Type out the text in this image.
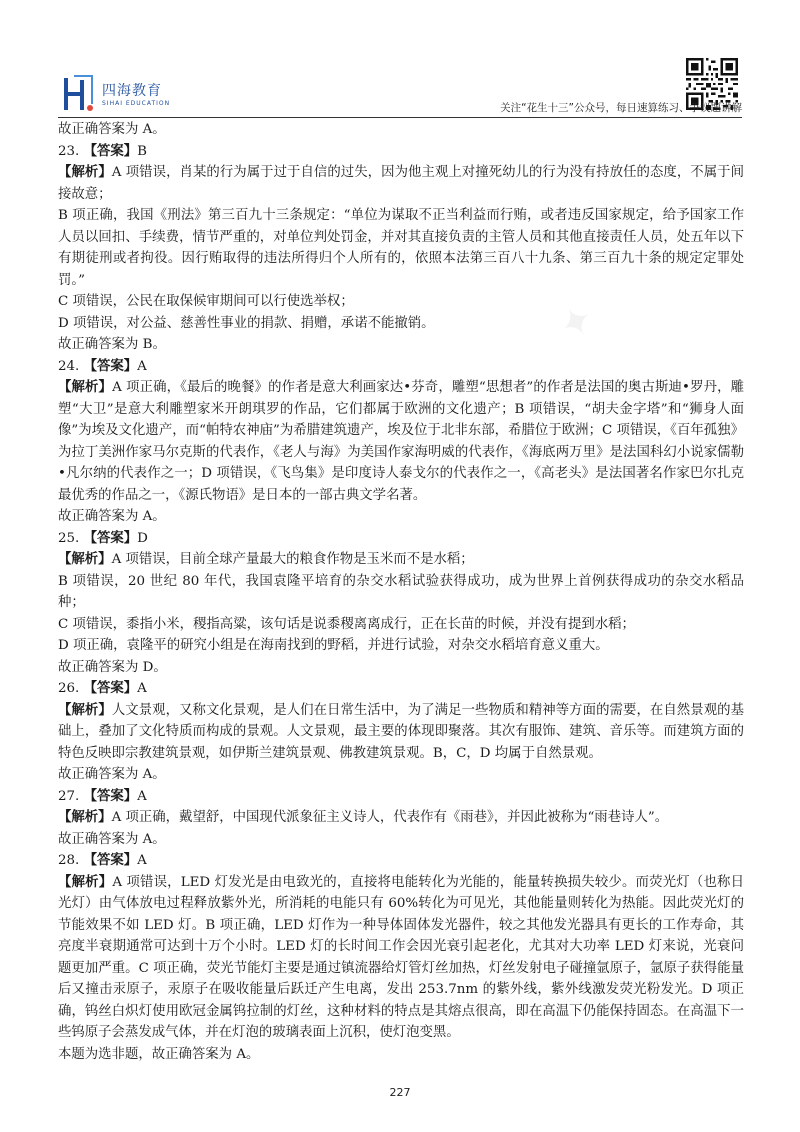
✦
四海教育
SIHAI EDUCATION	关注“花生十三”公众号，每日速算练习、争议题讲解

故正确答案为 A。

23. 【答案】B

【解析】A 项错误，肖某的行为属于过于自信的过失，因为他主观上对撞死幼儿的行为没有持放任的态度，不属于间接故意；

B 项正确，我国《刑法》第三百九十三条规定：“单位为谋取不正当利益而行贿，或者违反国家规定，给予国家工作人员以回扣、手续费，情节严重的，对单位判处罚金，并对其直接负责的主管人员和其他直接责任人员，处五年以下有期徒刑或者拘役。因行贿取得的违法所得归个人所有的，依照本法第三百八十九条、第三百九十条的规定定罪处罚。”

C 项错误，公民在取保候审期间可以行使选举权；

D 项错误，对公益、慈善性事业的捐款、捐赠，承诺不能撤销。

故正确答案为 B。

24. 【答案】A

【解析】A 项正确，《最后的晚餐》的作者是意大利画家达•芬奇，雕塑“思想者”的作者是法国的奥古斯迪•罗丹，雕塑“大卫”是意大利雕塑家米开朗琪罗的作品，它们都属于欧洲的文化遗产；B 项错误，“胡夫金字塔”和“狮身人面像”为埃及文化遗产，而“帕特农神庙”为希腊建筑遗产，埃及位于北非东部，希腊位于欧洲；C 项错误，《百年孤独》为拉丁美洲作家马尔克斯的代表作，《老人与海》为美国作家海明威的代表作，《海底两万里》是法国科幻小说家儒勒•凡尔纳的代表作之一；D 项错误，《飞鸟集》是印度诗人泰戈尔的代表作之一，《高老头》是法国著名作家巴尔扎克最优秀的作品之一，《源氏物语》是日本的一部古典文学名著。

故正确答案为 A。

25. 【答案】D

【解析】A 项错误，目前全球产量最大的粮食作物是玉米而不是水稻；

B 项错误，20 世纪 80 年代，我国袁隆平培育的杂交水稻试验获得成功，成为世界上首例获得成功的杂交水稻品种；

C 项错误，黍指小米，稷指高粱，该句话是说黍稷离离成行，正在长苗的时候，并没有提到水稻；

D 项正确，袁隆平的研究小组是在海南找到的野稻，并进行试验，对杂交水稻培育意义重大。

故正确答案为 D。

26. 【答案】A

【解析】人文景观，又称文化景观，是人们在日常生活中，为了满足一些物质和精神等方面的需要，在自然景观的基础上，叠加了文化特质而构成的景观。人文景观，最主要的体现即聚落。其次有服饰、建筑、音乐等。而建筑方面的特色反映即宗教建筑景观，如伊斯兰建筑景观、佛教建筑景观。B，C，D 均属于自然景观。

故正确答案为 A。

27. 【答案】A

【解析】A 项正确，戴望舒，中国现代派象征主义诗人，代表作有《雨巷》，并因此被称为“雨巷诗人”。

故正确答案为 A。

28. 【答案】A

【解析】A 项错误，LED 灯发光是由电致光的，直接将电能转化为光能的，能量转换损失较少。而荧光灯（也称日光灯）由气体放电过程释放紫外光，所消耗的电能只有 60%转化为可见光，其他能量则转化为热能。因此荧光灯的节能效果不如 LED 灯。B 项正确，LED 灯作为一种导体固体发光器件，较之其他发光器具有更长的工作寿命，其亮度半衰期通常可达到十万个小时。LED 灯的长时间工作会因光衰引起老化，尤其对大功率 LED 灯来说，光衰问题更加严重。C 项正确，荧光节能灯主要是通过镇流器给灯管灯丝加热，灯丝发射电子碰撞氩原子，氩原子获得能量后又撞击汞原子，汞原子在吸收能量后跃迁产生电离，发出 253.7nm 的紫外线，紫外线激发荧光粉发光。D 项正确，钨丝白炽灯使用欧冠金属钨拉制的灯丝，这种材料的特点是其熔点很高，即在高温下仍能保持固态。在高温下一些钨原子会蒸发成气体，并在灯泡的玻璃表面上沉积，使灯泡变黑。

本题为选非题，故正确答案为 A。

227
